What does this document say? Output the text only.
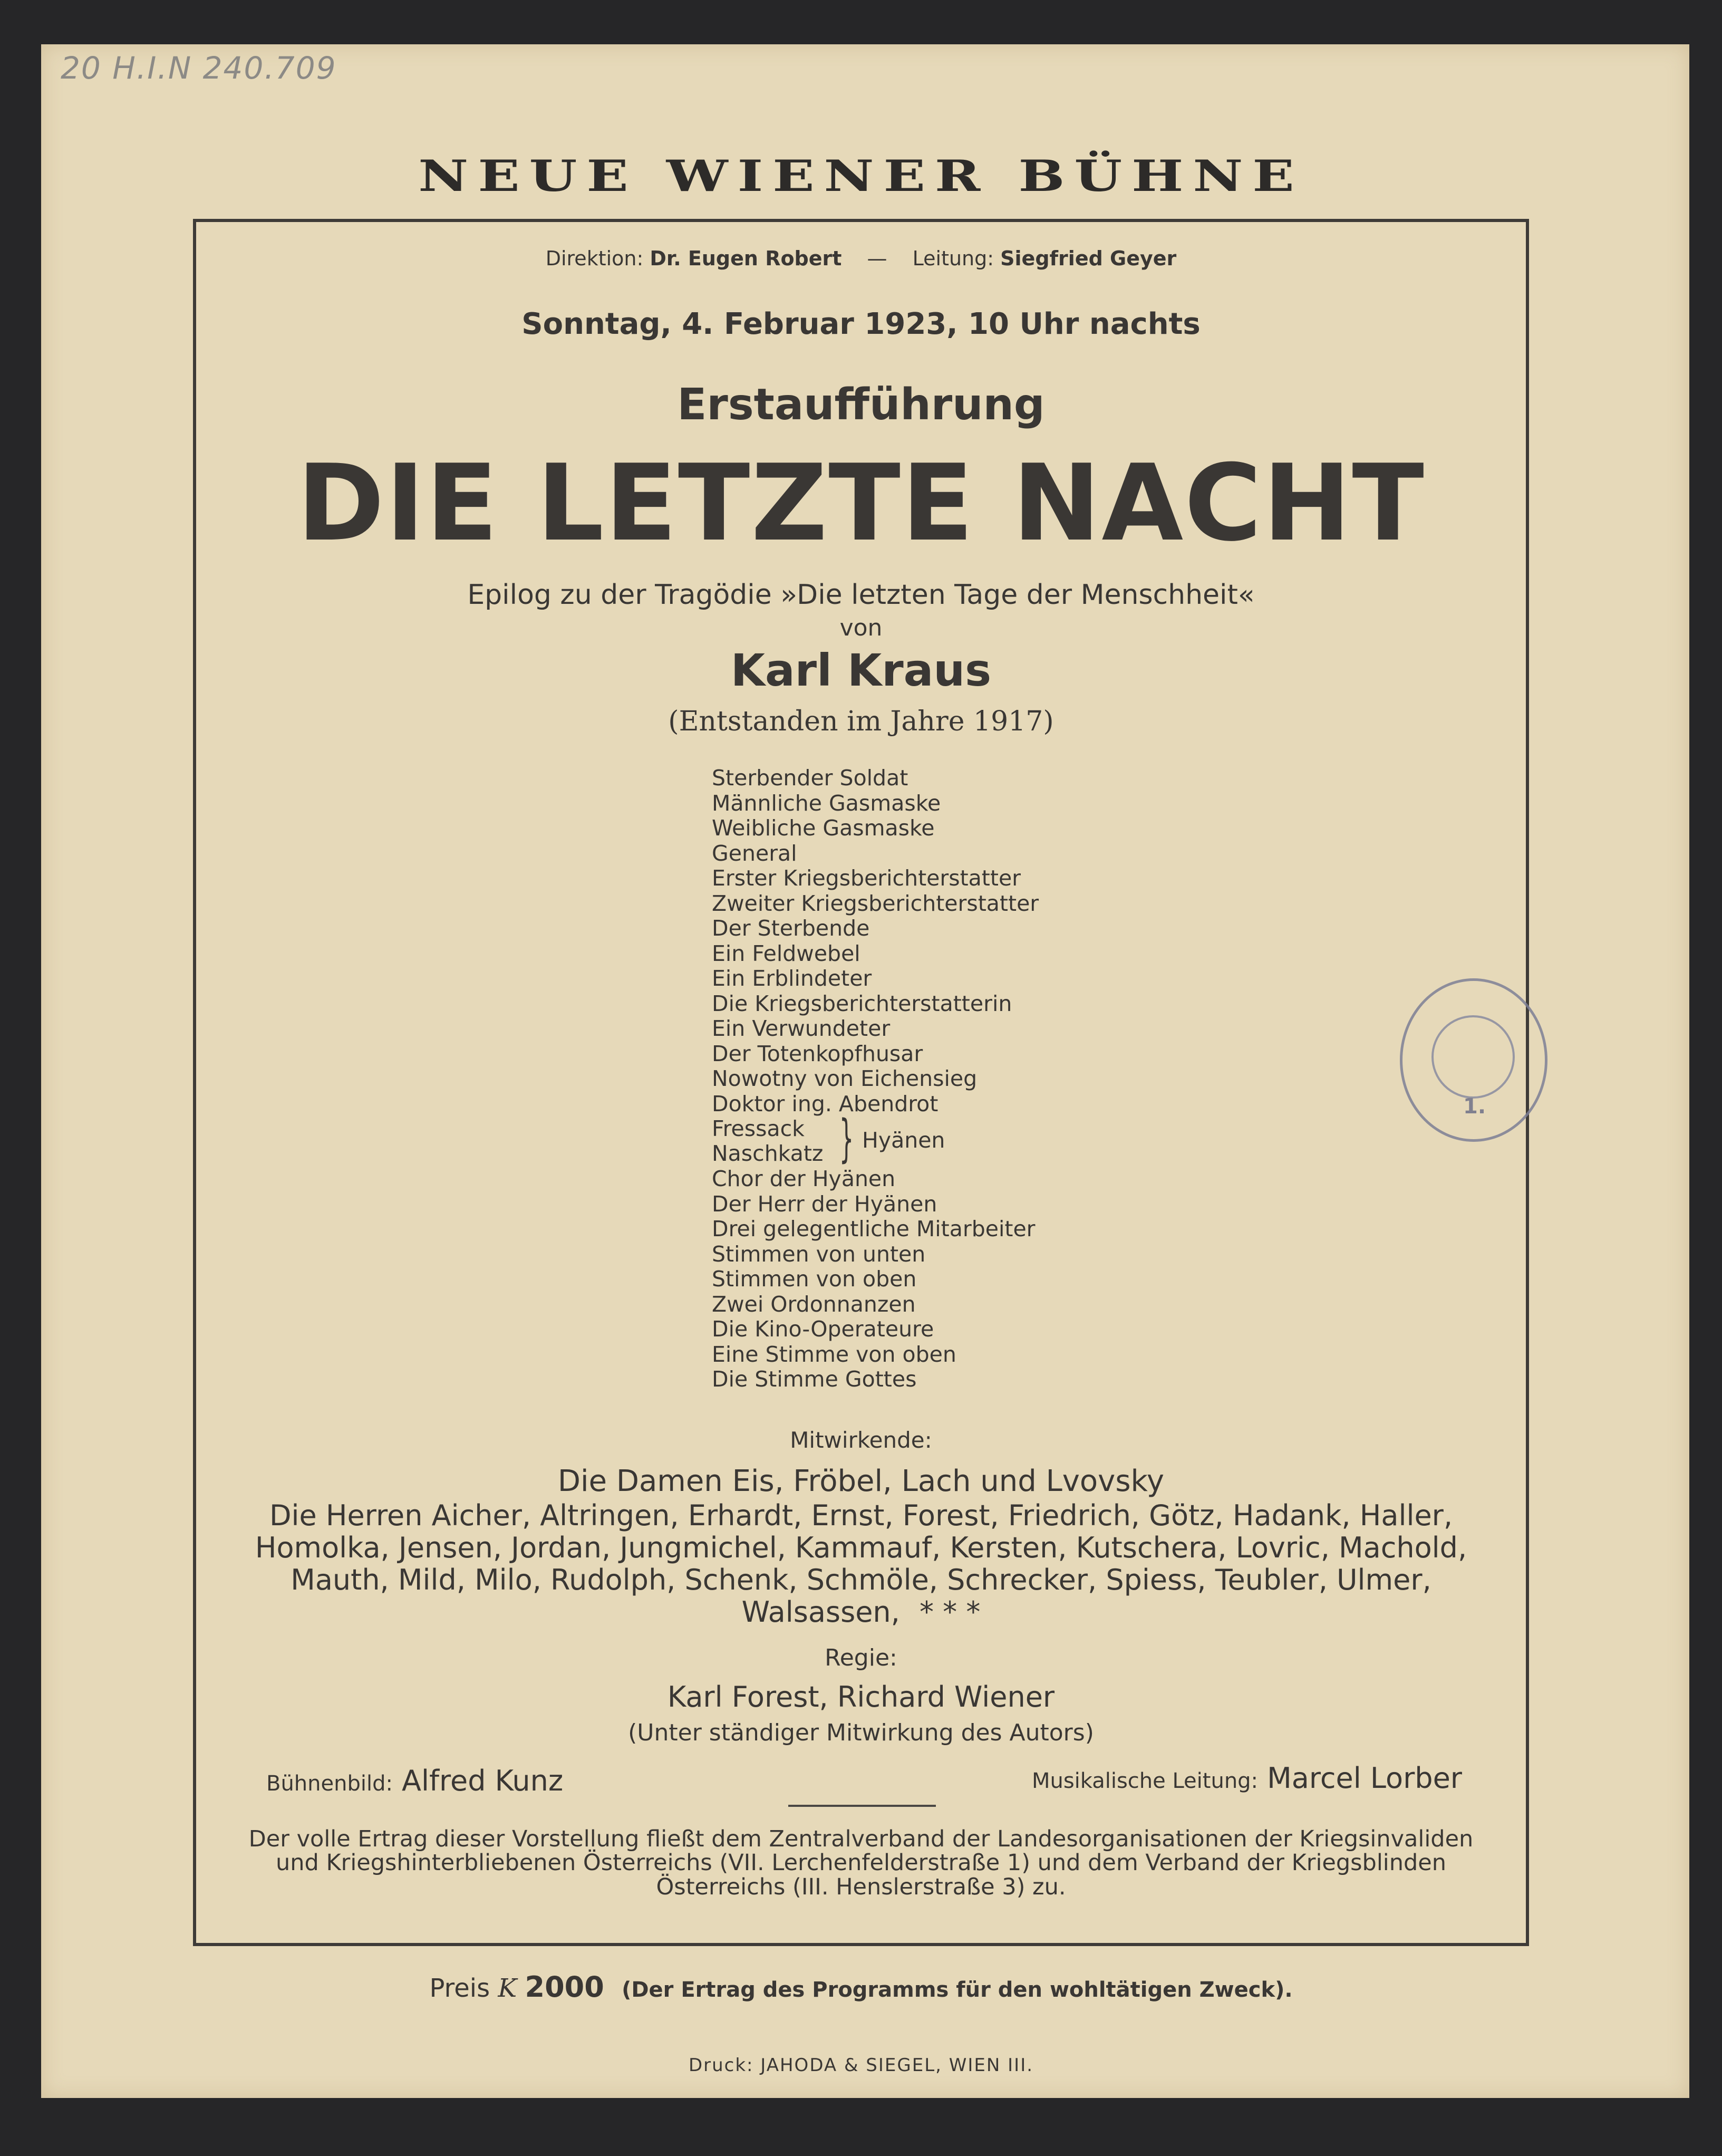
20 H.I.N 240.709
NEUE WIENER BÜHNE
Direktion: Dr. Eugen Robert — Leitung: Siegfried Geyer
Sonntag, 4. Februar 1923, 10 Uhr nachts
Erstaufführung
DIE LETZTE NACHT
Epilog zu der Tragödie »Die letzten Tage der Menschheit«
von
Karl Kraus
(Entstanden im Jahre 1917)
Sterbender Soldat
Männliche Gasmaske
Weibliche Gasmaske
General
Erster Kriegsberichterstatter
Zweiter Kriegsberichterstatter
Der Sterbende
Ein Feldwebel
Ein Erblindeter
Die Kriegsberichterstatterin
Ein Verwundeter
Der Totenkopfhusar
Nowotny von Eichensieg
Doktor ing. Abendrot
Fressack
Naschkatz } Hyänen
Chor der Hyänen
Der Herr der Hyänen
Drei gelegentliche Mitarbeiter
Stimmen von unten
Stimmen von oben
Zwei Ordonnanzen
Die Kino-Operateure
Eine Stimme von oben
Die Stimme Gottes
Mitwirkende:
Die Damen Eis, Fröbel, Lach und Lvovsky
Die Herren Aicher, Altringen, Erhardt, Ernst, Forest, Friedrich, Götz, Hadank, Haller,
Homolka, Jensen, Jordan, Jungmichel, Kammauf, Kersten, Kutschera, Lovric, Machold,
Mauth, Mild, Milo, Rudolph, Schenk, Schmöle, Schrecker, Spiess, Teubler, Ulmer,
Walsassen, * * *
Regie:
Karl Forest, Richard Wiener
(Unter ständiger Mitwirkung des Autors)
Bühnenbild: Alfred Kunz	Musikalische Leitung: Marcel Lorber
Der volle Ertrag dieser Vorstellung fließt dem Zentralverband der Landesorganisationen der Kriegsinvaliden
und Kriegshinterbliebenen Österreichs (VII. Lerchenfelderstraße 1) und dem Verband der Kriegsblinden
Österreichs (III. Henslerstraße 3) zu.
Preis K 2000 (Der Ertrag des Programms für den wohltätigen Zweck).
Druck: JAHODA & SIEGEL, WIEN III.
1.
